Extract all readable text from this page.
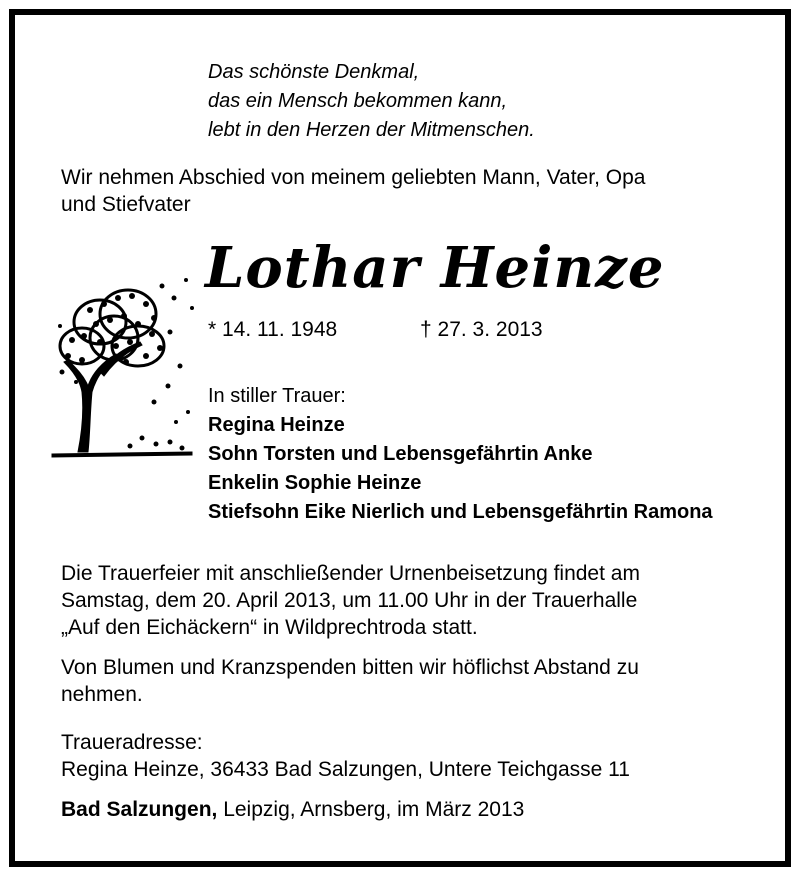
Das schönste Denkmal,
das ein Mensch bekommen kann,
lebt in den Herzen der Mitmenschen.
Wir nehmen Abschied von meinem geliebten Mann, Vater, Opa
und Stiefvater
Lothar Heinze
* 14. 11. 1948	† 27. 3. 2013
In stiller Trauer:
Regina Heinze
Sohn Torsten und Lebensgefährtin Anke
Enkelin Sophie Heinze
Stiefsohn Eike Nierlich und Lebensgefährtin Ramona
Die Trauerfeier mit anschließender Urnenbeisetzung findet am
Samstag, dem 20. April 2013, um 11.00 Uhr in der Trauerhalle
„Auf den Eichäckern“ in Wildprechtroda statt.
Von Blumen und Kranzspenden bitten wir höflichst Abstand zu
nehmen.
Traueradresse:
Regina Heinze, 36433 Bad Salzungen, Untere Teichgasse 11
Bad Salzungen, Leipzig, Arnsberg, im März 2013
